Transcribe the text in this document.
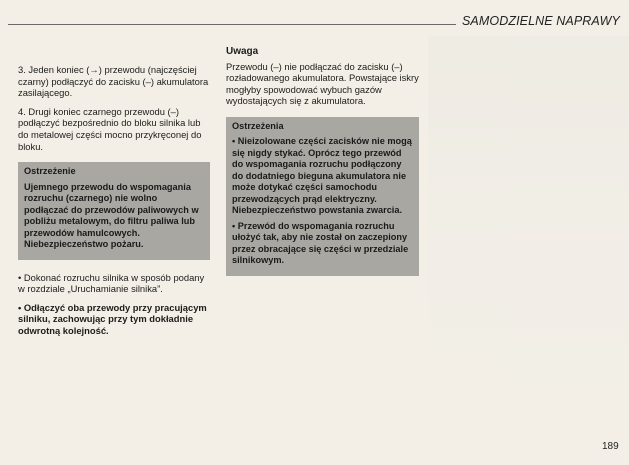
SAMODZIELNE NAPRAWY

3. Jeden koniec (→) przewodu (najczęściej czarny) podłączyć do zacisku (–) akumulatora zasilającego.

4. Drugi koniec czarnego przewodu (–) podłączyć bezpośrednio do bloku silnika lub do metalowej części mocno przykręconej do bloku.

Ostrzeżenie

Ujemnego przewodu do wspomagania rozruchu (czarnego) nie wolno podłączać do przewodów paliwowych w pobliżu metalowym, do filtru paliwa lub przewodów hamulcowych. Niebezpieczeństwo pożaru.

• Dokonać rozruchu silnika w sposób podany w rozdziale „Uruchamianie silnika”.

• Odłączyć oba przewody przy pracującym silniku, zachowując przy tym dokładnie odwrotną kolejność.

Uwaga

Przewodu (–) nie podłączać do zacisku (–) rozładowanego akumulatora. Powstające iskry mogłyby spowodować wybuch gazów wydostających się z akumulatora.

Ostrzeżenia

• Nieizolowane części zacisków nie mogą się nigdy stykać. Oprócz tego przewód do wspomagania rozruchu podłączony do dodatniego bieguna akumulatora nie może dotykać części samochodu przewodzących prąd elektryczny. Niebezpieczeństwo powstania zwarcia.

• Przewód do wspomagania rozruchu ułożyć tak, aby nie został on zaczepiony przez obracające się części w przedziale silnikowym.

189
